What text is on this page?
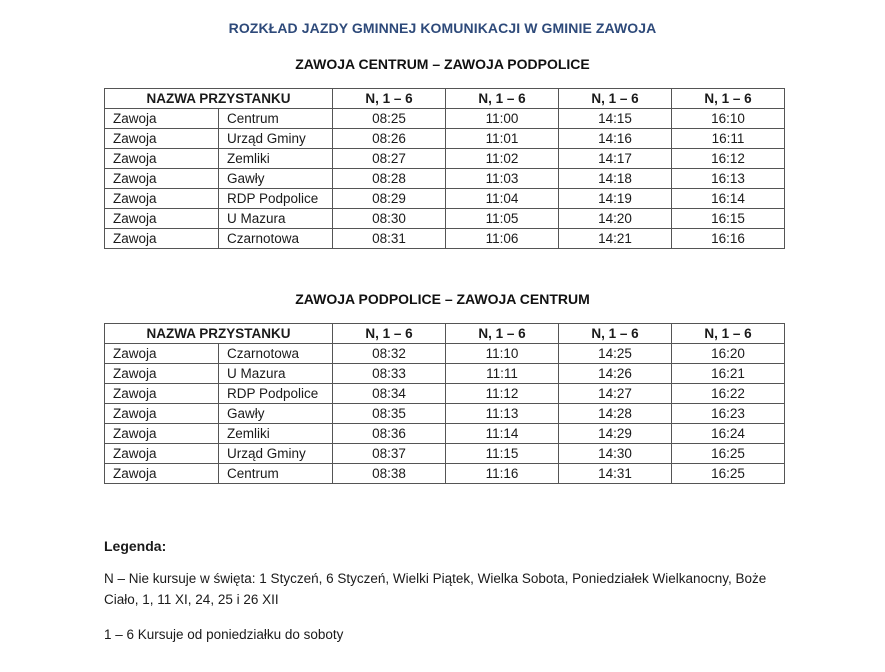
ROZKŁAD JAZDY GMINNEJ KOMUNIKACJI W GMINIE ZAWOJA
ZAWOJA CENTRUM – ZAWOJA PODPOLICE
NAZWA PRZYSTANKU		N, 1 – 6	N, 1 – 6	N, 1 – 6	N, 1 – 6
Zawoja	Centrum	08:25	11:00	14:15	16:10
Zawoja	Urząd Gminy	08:26	11:01	14:16	16:11
Zawoja	Zemliki	08:27	11:02	14:17	16:12
Zawoja	Gawły	08:28	11:03	14:18	16:13
Zawoja	RDP Podpolice	08:29	11:04	14:19	16:14
Zawoja	U Mazura	08:30	11:05	14:20	16:15
Zawoja	Czarnotowa	08:31	11:06	14:21	16:16
ZAWOJA PODPOLICE – ZAWOJA CENTRUM
NAZWA PRZYSTANKU		N, 1 – 6	N, 1 – 6	N, 1 – 6	N, 1 – 6
Zawoja	Czarnotowa	08:32	11:10	14:25	16:20
Zawoja	U Mazura	08:33	11:11	14:26	16:21
Zawoja	RDP Podpolice	08:34	11:12	14:27	16:22
Zawoja	Gawły	08:35	11:13	14:28	16:23
Zawoja	Zemliki	08:36	11:14	14:29	16:24
Zawoja	Urząd Gminy	08:37	11:15	14:30	16:25
Zawoja	Centrum	08:38	11:16	14:31	16:25
Legenda:
N – Nie kursuje w święta: 1 Styczeń, 6 Styczeń, Wielki Piątek, Wielka Sobota, Poniedziałek Wielkanocny, Boże Ciało, 1, 11 XI, 24, 25 i 26 XII
1 – 6 Kursuje od poniedziałku do soboty
